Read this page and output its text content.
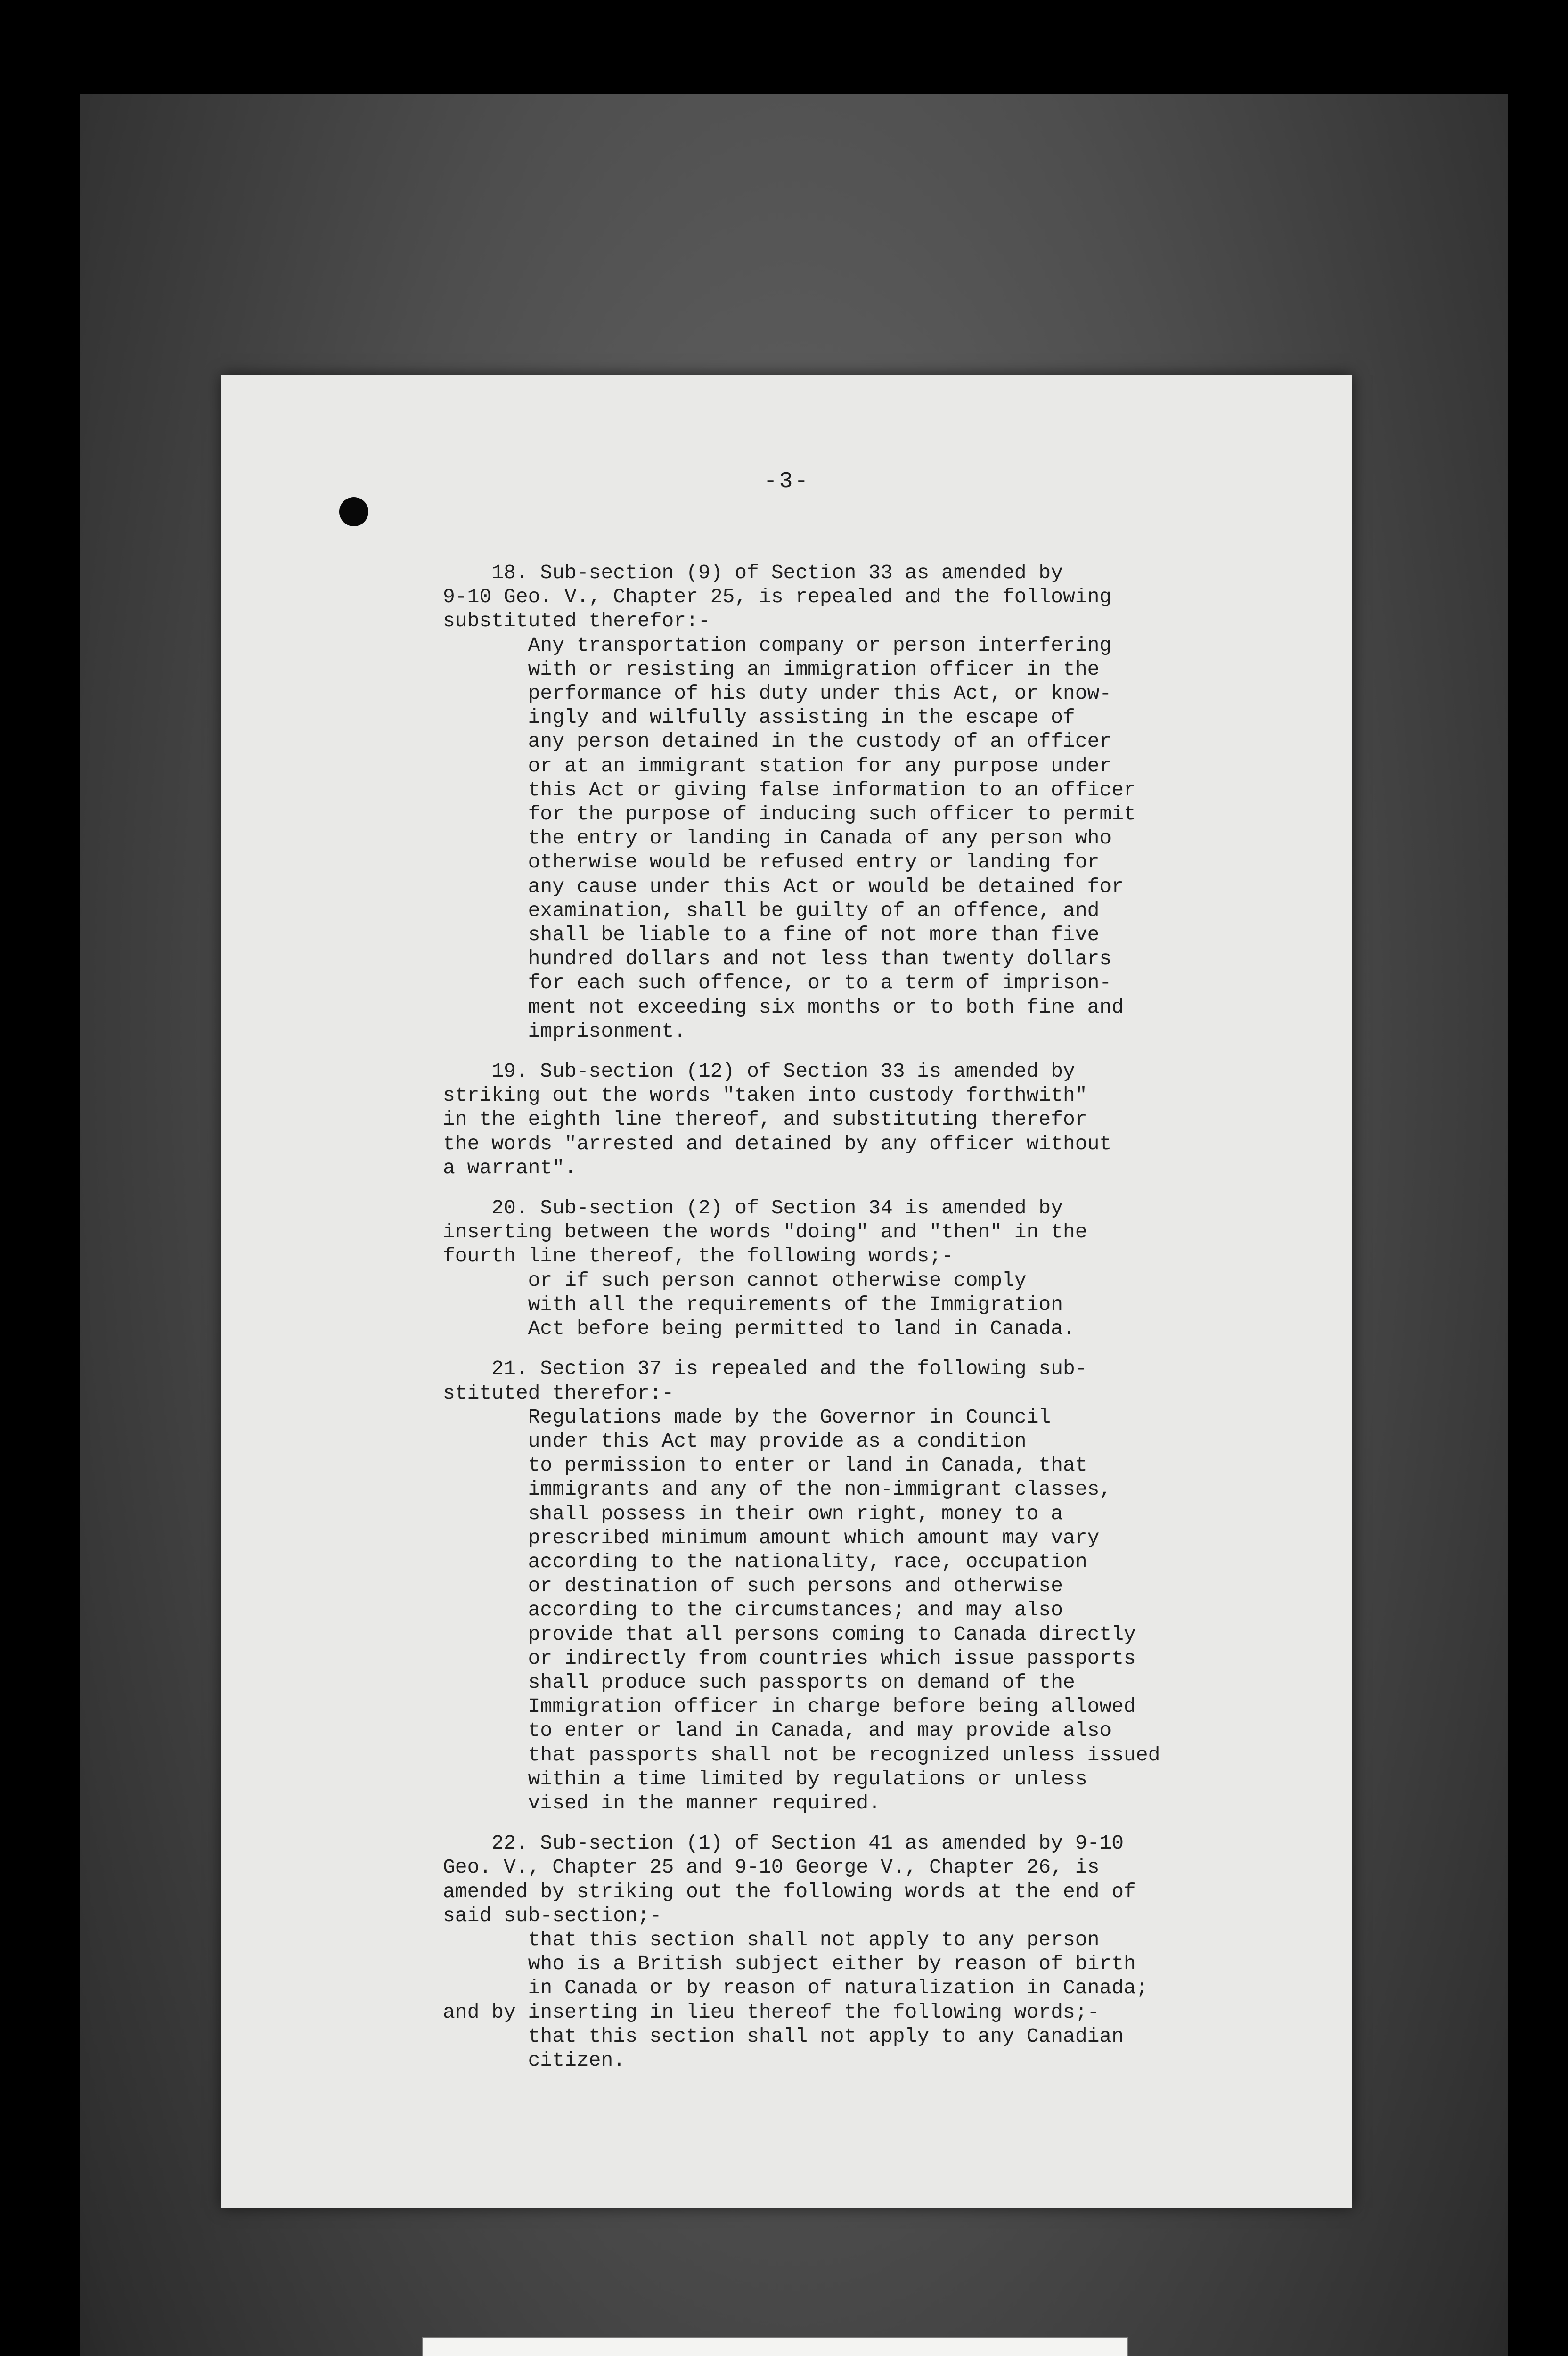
-3-
18. Sub-section (9) of Section 33 as amended by
9-10 Geo. V., Chapter 25, is repealed and the following
substituted therefor:-
Any transportation company or person interfering
with or resisting an immigration officer in the
performance of his duty under this Act, or know-
ingly and wilfully assisting in the escape of
any person detained in the custody of an officer
or at an immigrant station for any purpose under
this Act or giving false information to an officer
for the purpose of inducing such officer to permit
the entry or landing in Canada of any person who
otherwise would be refused entry or landing for
any cause under this Act or would be detained for
examination, shall be guilty of an offence, and
shall be liable to a fine of not more than five
hundred dollars and not less than twenty dollars
for each such offence, or to a term of imprison-
ment not exceeding six months or to both fine and
imprisonment.

19. Sub-section (12) of Section 33 is amended by
striking out the words "taken into custody forthwith"
in the eighth line thereof, and substituting therefor
the words "arrested and detained by any officer without
a warrant".

20. Sub-section (2) of Section 34 is amended by
inserting between the words "doing" and "then" in the
fourth line thereof, the following words;-
or if such person cannot otherwise comply
with all the requirements of the Immigration
Act before being permitted to land in Canada.

21. Section 37 is repealed and the following sub-
stituted therefor:-
Regulations made by the Governor in Council
under this Act may provide as a condition
to permission to enter or land in Canada, that
immigrants and any of the non-immigrant classes,
shall possess in their own right, money to a
prescribed minimum amount which amount may vary
according to the nationality, race, occupation
or destination of such persons and otherwise
according to the circumstances; and may also
provide that all persons coming to Canada directly
or indirectly from countries which issue passports
shall produce such passports on demand of the
Immigration officer in charge before being allowed
to enter or land in Canada, and may provide also
that passports shall not be recognized unless issued
within a time limited by regulations or unless
vised in the manner required.

22. Sub-section (1) of Section 41 as amended by 9-10
Geo. V., Chapter 25 and 9-10 George V., Chapter 26, is
amended by striking out the following words at the end of
said sub-section;-
that this section shall not apply to any person
who is a British subject either by reason of birth
in Canada or by reason of naturalization in Canada;
and by inserting in lieu thereof the following words;-
that this section shall not apply to any Canadian
citizen.
